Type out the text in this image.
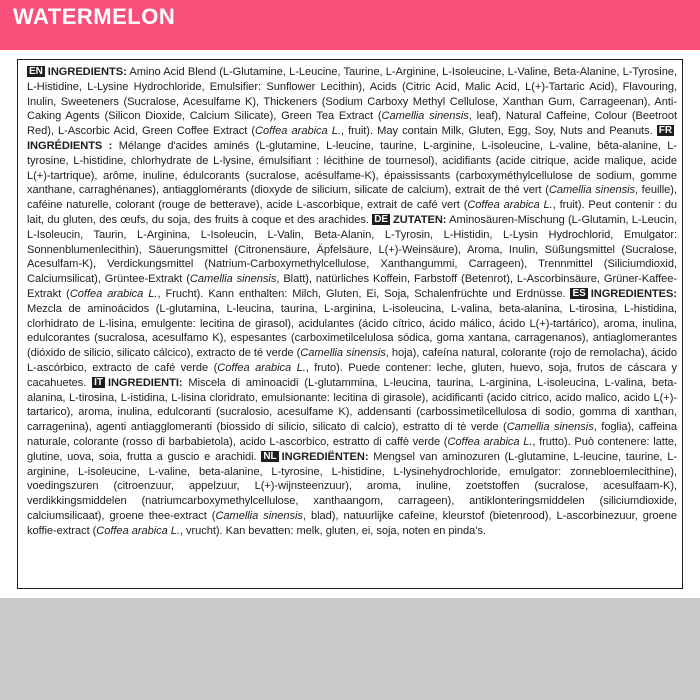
WATERMELON
EN INGREDIENTS: Amino Acid Blend (L-Glutamine, L-Leucine, Taurine, L-Arginine, L-Isoleucine, L-Valine, Beta-Alanine, L-Tyrosine, L-Histidine, L-Lysine Hydrochloride, Emulsifier: Sunflower Lecithin), Acids (Citric Acid, Malic Acid, L(+)-Tartaric Acid), Flavouring, Inulin, Sweeteners (Sucralose, Acesulfame K), Thickeners (Sodium Carboxy Methyl Cellulose, Xanthan Gum, Carrageenan), Anti-Caking Agents (Silicon Dioxide, Calcium Silicate), Green Tea Extract (Camellia sinensis, leaf), Natural Caffeine, Colour (Beetroot Red), L-Ascorbic Acid, Green Coffee Extract (Coffea arabica L., fruit). May contain Milk, Gluten, Egg, Soy, Nuts and Peanuts. FRINGRÉDIENTS : Mélange d'acides aminés (L-glutamine, L-leucine, taurine, L-arginine, L-isoleucine, L-valine, bêta-alanine, L-tyrosine, L-histidine, chlorhydrate de L-lysine, émulsifiant : lécithine de tournesol), acidifiants (acide citrique, acide malique, acide L(+)-tartrique), arôme, inuline, édulcorants (sucralose, acésulfame-K), épaississants (carboxyméthylcellulose de sodium, gomme xanthane, carraghénanes), antiagglomérants (dioxyde de silicium, silicate de calcium), extrait de thé vert (Camellia sinensis, feuille), caféine naturelle, colorant (rouge de betterave), acide L-ascorbique, extrait de café vert (Coffea arabica L., fruit). Peut contenir : du lait, du gluten, des œufs, du soja, des fruits à coque et des arachides. DE ZUTATEN: Aminosäuren-Mischung (L-Glutamin, L-Leucin, L-Isoleucin, Taurin, L-Arginina, L-Isoleucin, L-Valin, Beta-Alanin, L-Tyrosin, L-Histidin, L-Lysin Hydrochlorid, Emulgator: Sonnenblumenlecithin), Säuerungsmittel (Citronensäure, Äpfelsäure, L(+)-Weinsäure), Aroma, Inulin, Süßungsmittel (Sucralose, Acesulfam-K), Verdickungsmittel (Natrium-Carboxymethylcellulose, Xanthangummi, Carrageen), Trennmittel (Siliciumdioxid, Calciumsilicat), Grüntee-Extrakt (Camellia sinensis, Blatt), natürliches Koffein, Farbstoff (Betenrot), L-Ascorbinsäure, Grüner-Kaffee-Extrakt (Coffea arabica L., Frucht). Kann enthalten: Milch, Gluten, Ei, Soja, Schalenfrüchte und Erdnüsse. ES INGREDIENTES: Mezcla de aminoácidos (L-glutamina, L-leucina, taurina, L-arginina, L-isoleucina, L-valina, beta-alanina, L-tirosina, L-histidina, clorhidrato de L-lisina, emulgente: lecitina de girasol), acidulantes (ácido cítrico, ácido málico, ácido L(+)-tartárico), aroma, inulina, edulcorantes (sucralosa, acesulfamo K), espesantes (carboximetilcelulosa sódica, goma xantana, carragenanos), antiaglomerantes (dióxido de silicio, silicato cálcico), extracto de té verde (Camellia sinensis, hoja), cafeína natural, colorante (rojo de remolacha), ácido L-ascórbico, extracto de café verde (Coffea arabica L., fruto). Puede contener: leche, gluten, huevo, soja, frutos de cáscara y cacahuetes. IT INGREDIENTI: Miscela di aminoacidi (L-glutammina, L-leucina, taurina, L-arginina, L-isoleucina, L-valina, beta-alanina, L-tirosina, L-istidina, L-lisina cloridrato, emulsionante: lecitina di girasole), acidificanti (acido citrico, acido malico, acido L(+)-tartarico), aroma, inulina, edulcoranti (sucralosio, acesulfame K), addensanti (carbossimetilcellulosa di sodio, gomma di xanthan, carragenina), agenti antiagglomeranti (biossido di silicio, silicato di calcio), estratto di tè verde (Camellia sinensis, foglia), caffeina naturale, colorante (rosso di barbabietola), acido L-ascorbico, estratto di caffè verde (Coffea arabica L., frutto). Può contenere: latte, glutine, uova, soia, frutta a guscio e arachidi. NL INGREDIËNTEN: Mengsel van aminozuren (L-glutamine, L-leucine, taurine, L-arginine, L-isoleucine, L-valine, beta-alanine, L-tyrosine, L-histidine, L-lysinehydrochloride, emulgator: zonnebloemlecithine), voedingszuren (citroenzuur, appelzuur, L(+)-wijnsteenzuur), aroma, inuline, zoetstoffen (sucralose, acesulfaam-K), verdikkingsmiddelen (natriumcarboxymethylcellulose, xanthaangom, carrageen), antiklonteringsmiddelen (siliciumdioxide, calciumsilicaat), groene thee-extract (Camellia sinensis, blad), natuurlijke cafeïne, kleurstof (bietenrood), L-ascorbinezuur, groene koffie-extract (Coffea arabica L., vrucht). Kan bevatten: melk, gluten, ei, soja, noten en pinda's.
